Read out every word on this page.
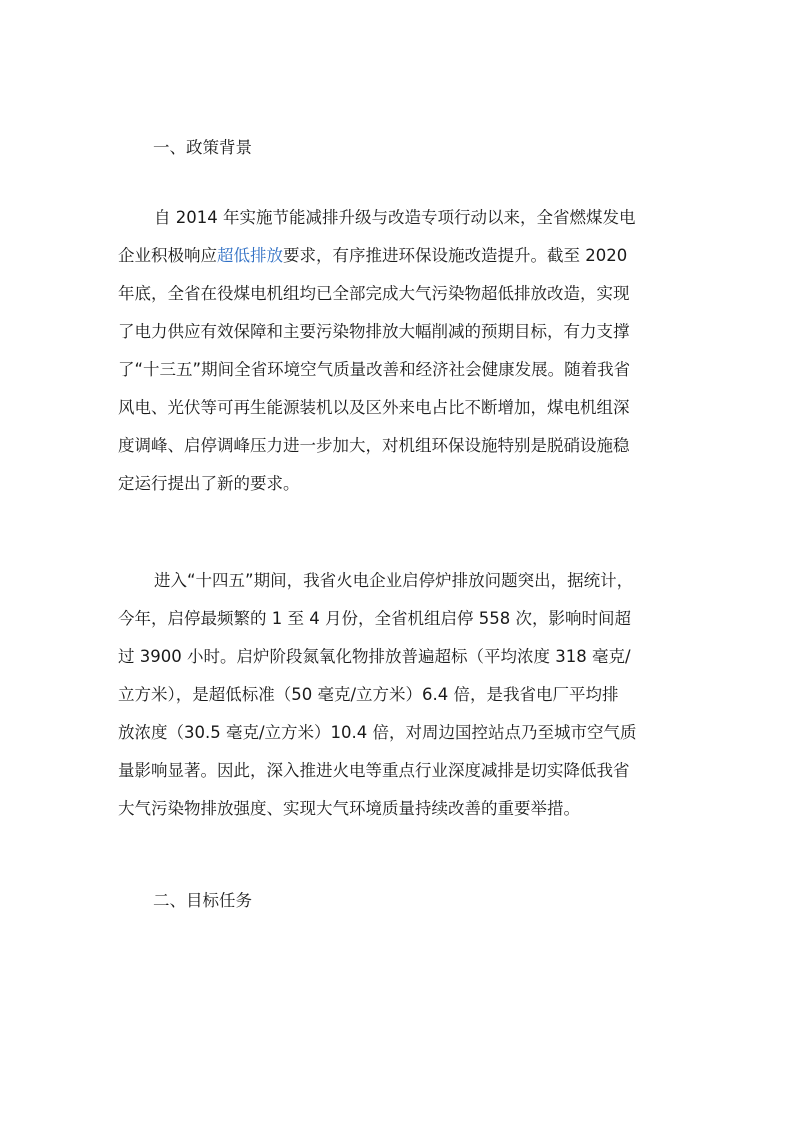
一、政策背景
自 2014 年实施节能减排升级与改造专项行动以来，全省燃煤发电
企业积极响应超低排放要求，有序推进环保设施改造提升。截至 2020
年底，全省在役煤电机组均已全部完成大气污染物超低排放改造，实现
了电力供应有效保障和主要污染物排放大幅削减的预期目标，有力支撑
了“十三五”期间全省环境空气质量改善和经济社会健康发展。随着我省
风电、光伏等可再生能源装机以及区外来电占比不断增加，煤电机组深
度调峰、启停调峰压力进一步加大，对机组环保设施特别是脱硝设施稳
定运行提出了新的要求。
进入“十四五”期间，我省火电企业启停炉排放问题突出，据统计，
今年，启停最频繁的 1 至 4 月份，全省机组启停 558 次，影响时间超
过 3900 小时。启炉阶段氮氧化物排放普遍超标（平均浓度 318 毫克/
立方米），是超低标准（50 毫克/立方米）6.4 倍，是我省电厂平均排
放浓度（30.5 毫克/立方米）10.4 倍，对周边国控站点乃至城市空气质
量影响显著。因此，深入推进火电等重点行业深度减排是切实降低我省
大气污染物排放强度、实现大气环境质量持续改善的重要举措。
二、目标任务
